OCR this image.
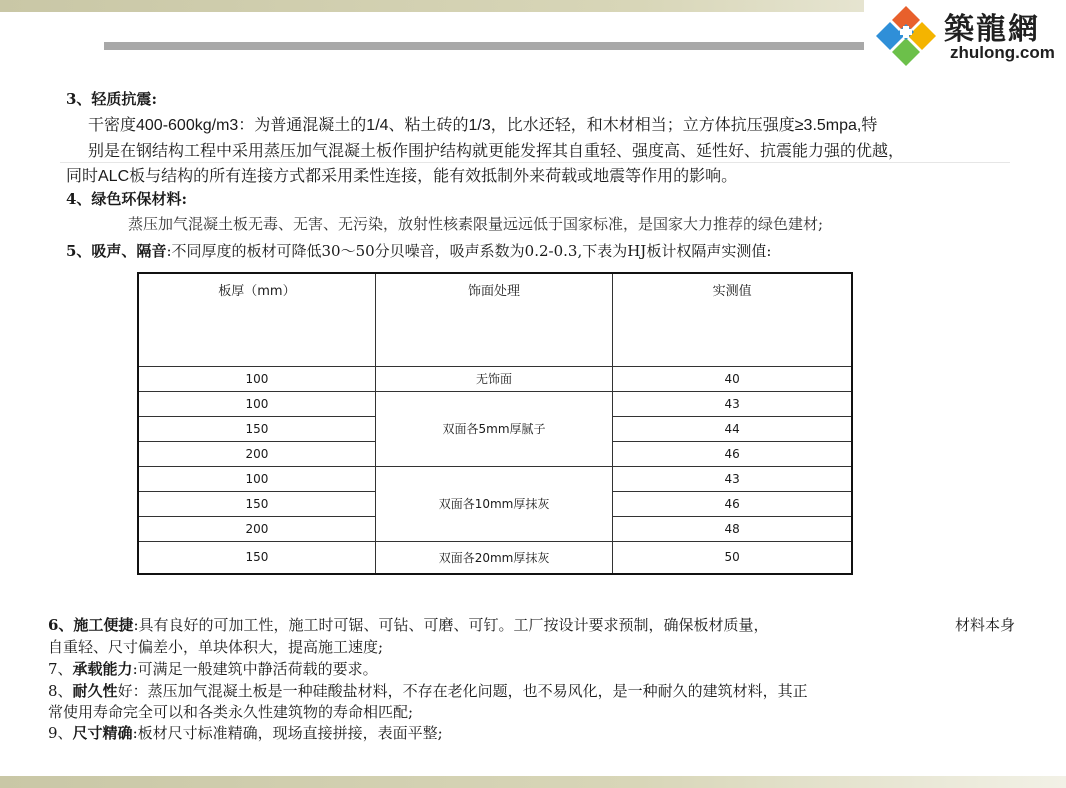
築龍網
zhulong.com
3、轻质抗震:
干密度400-600kg/m3：为普通混凝土的1/4、粘土砖的1/3，比水还轻，和木材相当；立方体抗压强度≥3.5mpa,特
别是在钢结构工程中采用蒸压加气混凝土板作围护结构就更能发挥其自重轻、强度高、延性好、抗震能力强的优越，
同时ALC板与结构的所有连接方式都采用柔性连接，能有效抵制外来荷载或地震等作用的影响。
4、绿色环保材料:
蒸压加气混凝土板无毒、无害、无污染，放射性核素限量远远低于国家标准，是国家大力推荐的绿色建材;
5、吸声、隔音:不同厚度的板材可降低30～50分贝噪音，吸声系数为0.2-0.3,下表为HJ板计权隔声实测值:
板厚（mm）	饰面处理	实测值
100	无饰面	40
100	双面各5mm厚腻子	43
150		44
200		46
100	双面各10mm厚抹灰	43
150		46
200		48
150	双面各20mm厚抹灰	50
6、施工便捷:具有良好的可加工性，施工时可锯、可钻、可磨、可钉。工厂按设计要求预制，确保板材质量，	材料本身
自重轻、尺寸偏差小，单块体积大，提高施工速度;
7、承载能力:可满足一般建筑中静活荷载的要求。
8、耐久性好：蒸压加气混凝土板是一种硅酸盐材料，不存在老化问题，也不易风化，是一种耐久的建筑材料，其正
常使用寿命完全可以和各类永久性建筑物的寿命相匹配;
9、尺寸精确:板材尺寸标准精确，现场直接拼接，表面平整;
